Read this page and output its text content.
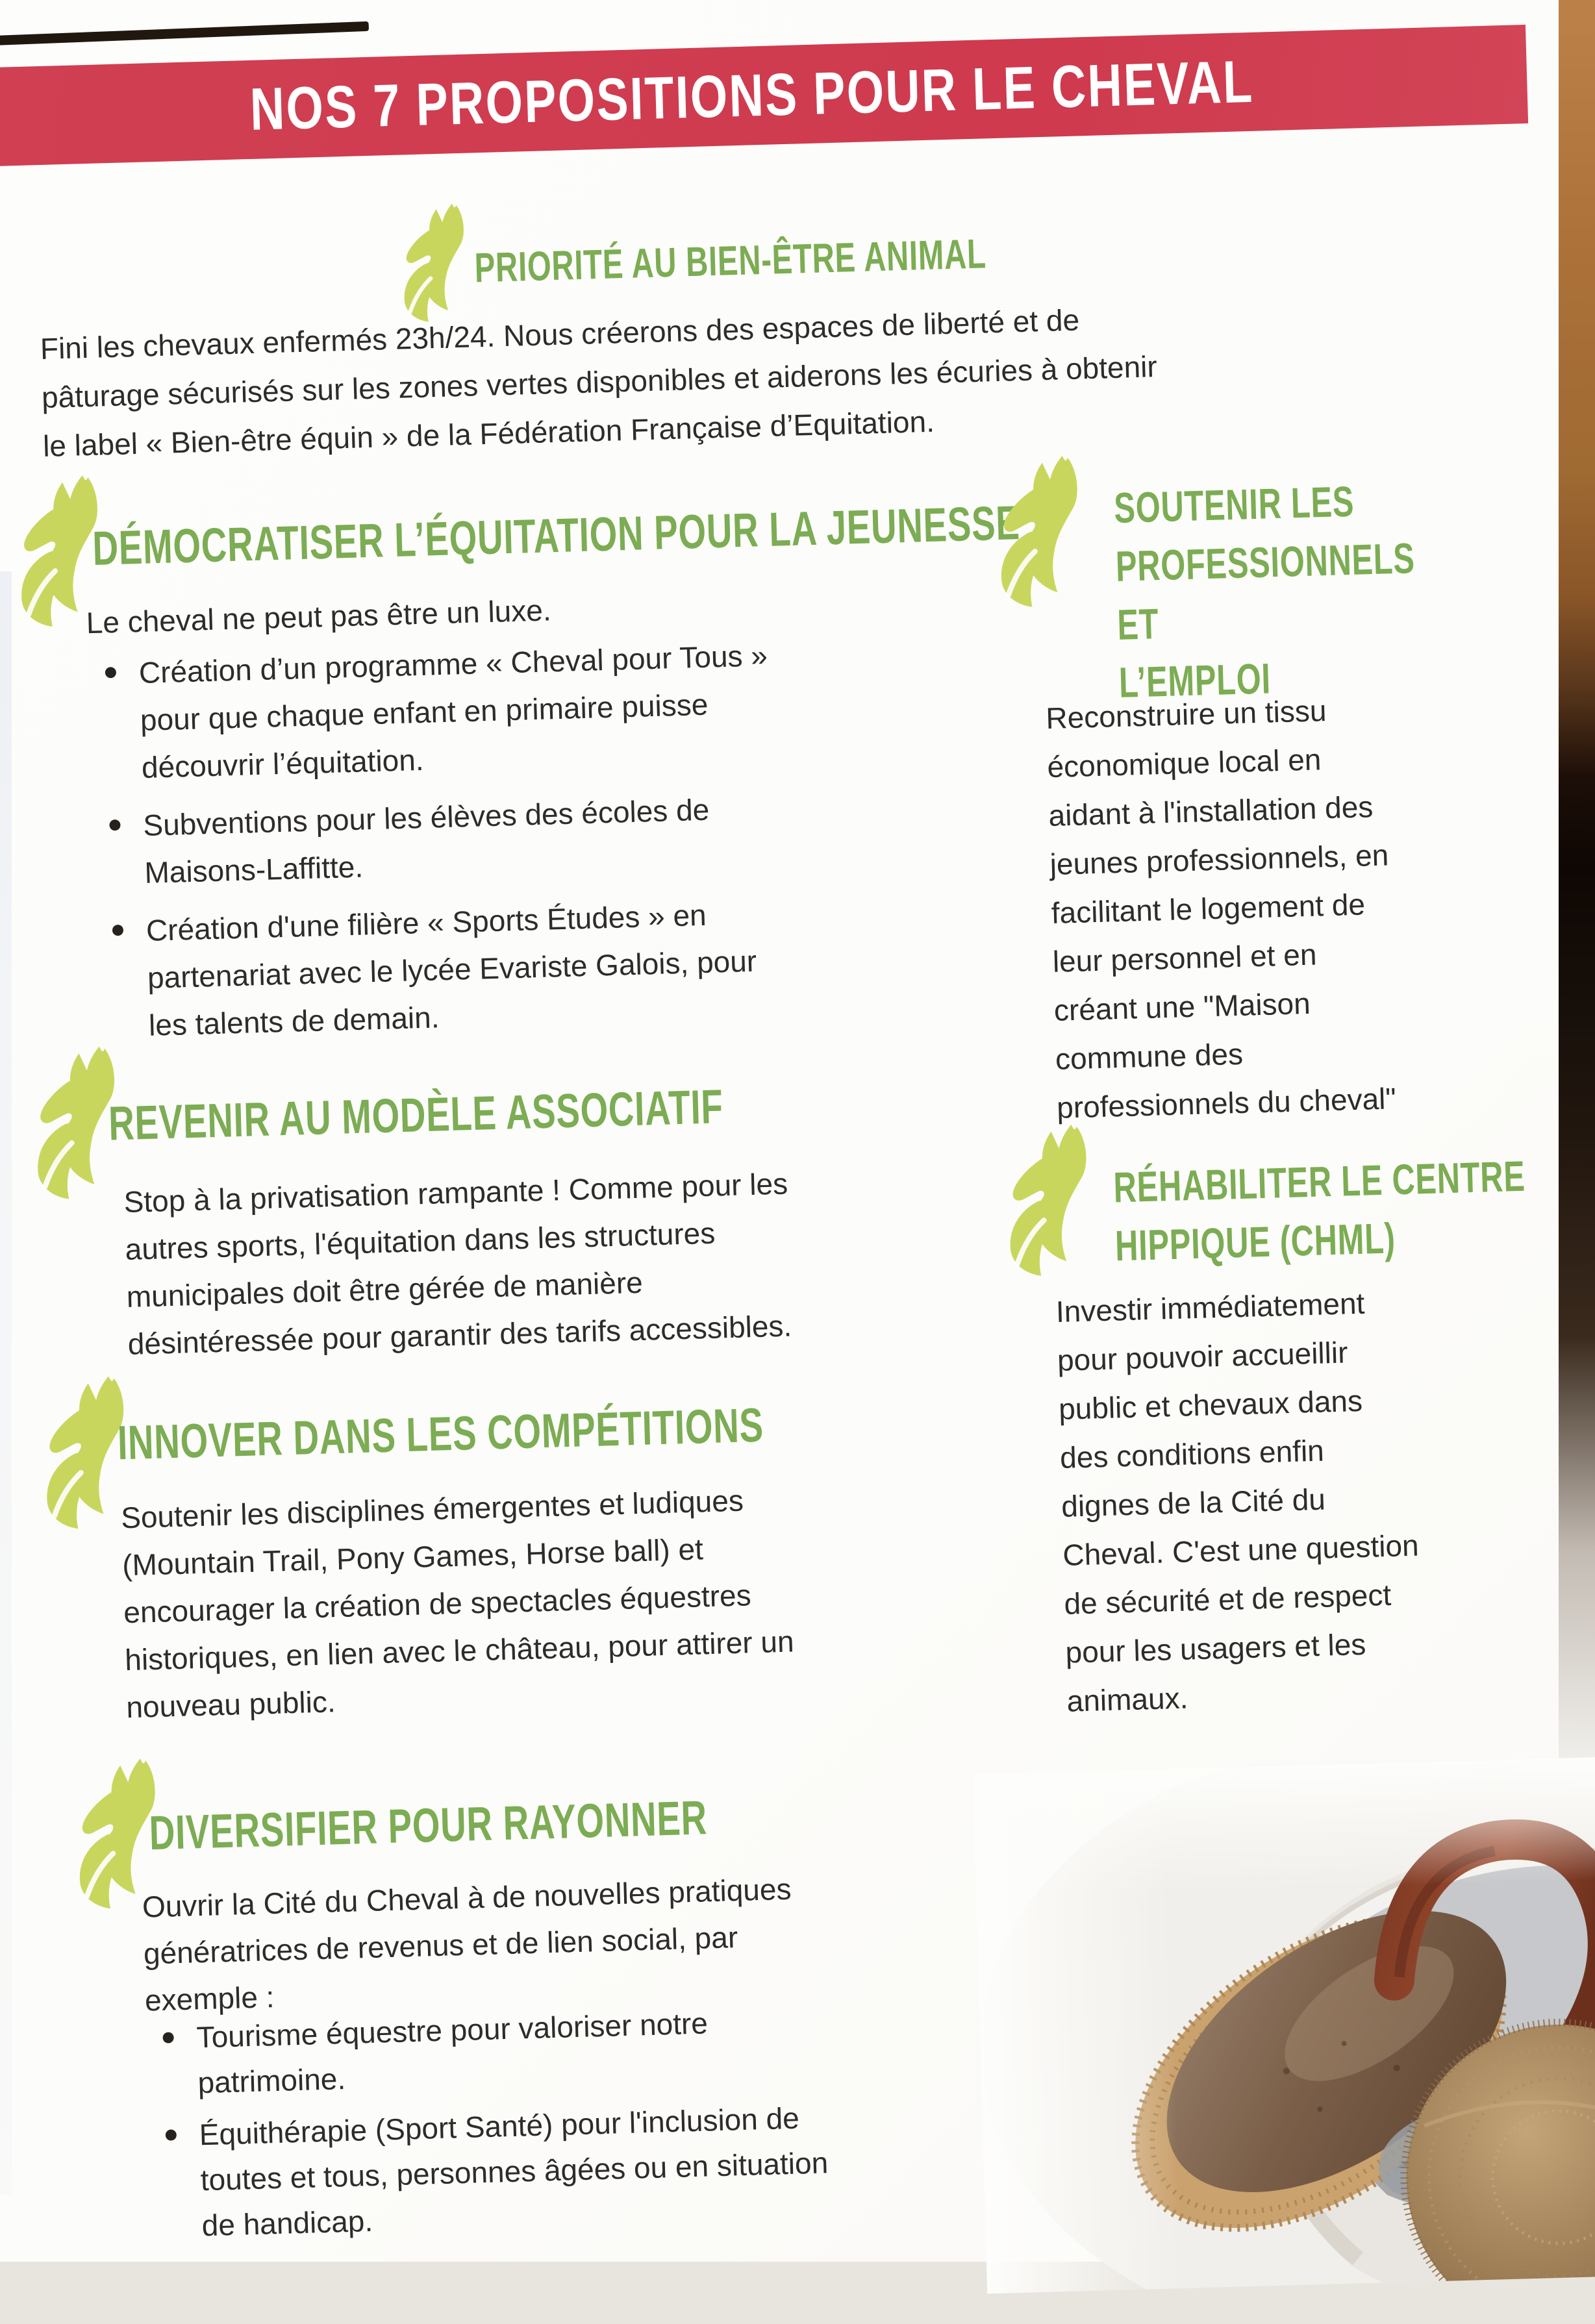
NOS 7 PROPOSITIONS POUR LE CHEVAL
PRIORITÉ AU BIEN-ÊTRE ANIMAL
Fini les chevaux enfermés 23h/24. Nous créerons des espaces de liberté et de
pâturage sécurisés sur les zones vertes disponibles et aiderons les écuries à obtenir
le label « Bien-être équin » de la Fédération Française d’Equitation.
DÉMOCRATISER L’ÉQUITATION POUR LA JEUNESSE
Le cheval ne peut pas être un luxe.
Création d’un programme « Cheval pour Tous »
pour que chaque enfant en primaire puisse
découvrir l’équitation.
Subventions pour les élèves des écoles de
Maisons-Laffitte.
Création d'une filière « Sports Études » en
partenariat avec le lycée Evariste Galois, pour
les talents de demain.
REVENIR AU MODÈLE ASSOCIATIF
Stop à la privatisation rampante ! Comme pour les
autres sports, l'équitation dans les structures
municipales doit être gérée de manière
désintéressée pour garantir des tarifs accessibles.
INNOVER DANS LES COMPÉTITIONS
Soutenir les disciplines émergentes et ludiques
(Mountain Trail, Pony Games, Horse ball) et
encourager la création de spectacles équestres
historiques, en lien avec le château, pour attirer un
nouveau public.
DIVERSIFIER POUR RAYONNER
Ouvrir la Cité du Cheval à de nouvelles pratiques
génératrices de revenus et de lien social, par
exemple :
Tourisme équestre pour valoriser notre
patrimoine.
Équithérapie (Sport Santé) pour l'inclusion de
toutes et tous, personnes âgées ou en situation
de handicap.
SOUTENIR LES
PROFESSIONNELS ET
L’EMPLOI
Reconstruire un tissu
économique local en
aidant à l'installation des
jeunes professionnels, en
facilitant le logement de
leur personnel et en
créant une "Maison
commune des
professionnels du cheval"
RÉHABILITER LE CENTRE
HIPPIQUE (CHML)
Investir immédiatement
pour pouvoir accueillir
public et chevaux dans
des conditions enfin
dignes de la Cité du
Cheval. C'est une question
de sécurité et de respect
pour les usagers et les
animaux.
